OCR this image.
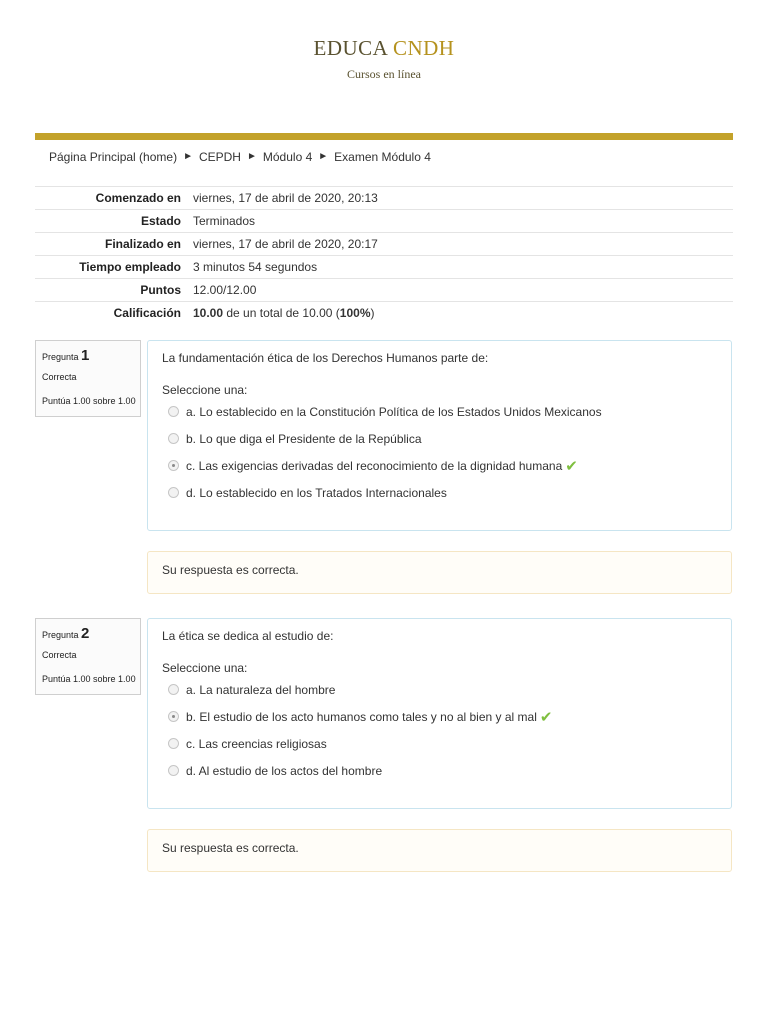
EDUCA CNDH
Cursos en línea
Página Principal (home) ► CEPDH ► Módulo 4 ► Examen Módulo 4
Comenzado en	viernes, 17 de abril de 2020, 20:13
Estado	Terminados
Finalizado en	viernes, 17 de abril de 2020, 20:17
Tiempo empleado	3 minutos 54 segundos
Puntos	12.00/12.00
Calificación	10.00 de un total de 10.00 (100%)
Pregunta 1
Correcta
Puntúa 1.00 sobre 1.00
La fundamentación ética de los Derechos Humanos parte de:
Seleccione una:
a. Lo establecido en la Constitución Política de los Estados Unidos Mexicanos
b. Lo que diga el Presidente de la República
c. Las exigencias derivadas del reconocimiento de la dignidad humana ✔
d. Lo establecido en los Tratados Internacionales
Su respuesta es correcta.
Pregunta 2
Correcta
Puntúa 1.00 sobre 1.00
La ética se dedica al estudio de:
Seleccione una:
a. La naturaleza del hombre
b. El estudio de los acto humanos como tales y no al bien y al mal ✔
c. Las creencias religiosas
d. Al estudio de los actos del hombre
Su respuesta es correcta.
